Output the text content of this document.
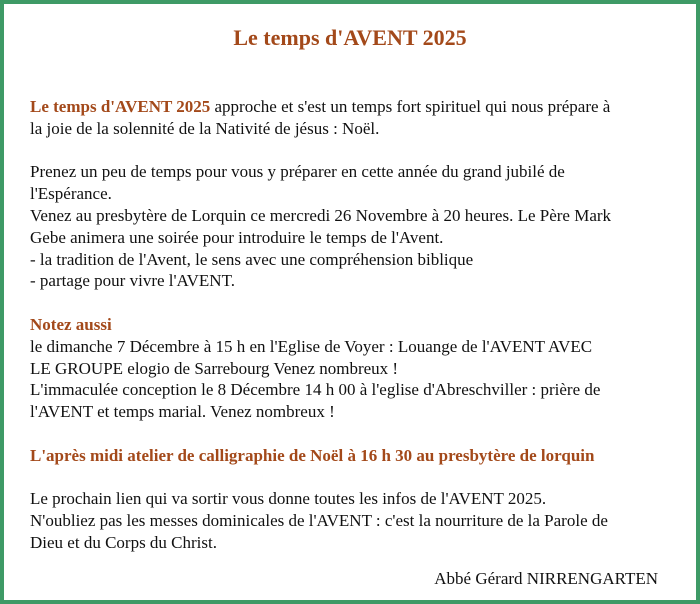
Le temps d'AVENT 2025

Le temps d'AVENT 2025 approche et s'est un temps fort spirituel qui nous prépare à

la joie de la solennité de la Nativité de jésus : Noël.

Prenez un peu de temps pour vous y préparer en cette année du grand jubilé de

l'Espérance.

Venez au presbytère de Lorquin ce mercredi 26 Novembre à 20 heures. Le Père Mark

Gebe animera une soirée pour introduire le temps de l'Avent.

- la tradition de l'Avent, le sens avec une compréhension biblique

- partage pour vivre l'AVENT.

Notez aussi

le dimanche 7 Décembre à 15 h en l'Eglise de Voyer : Louange de l'AVENT AVEC

LE GROUPE elogio de Sarrebourg Venez nombreux !

L'immaculée conception le 8 Décembre 14 h 00 à l'eglise d'Abreschviller : prière de

l'AVENT et temps marial. Venez nombreux !

L'après midi atelier de calligraphie de Noël à 16 h 30 au presbytère de lorquin

Le prochain lien qui va sortir vous donne toutes les infos de l'AVENT 2025.

N'oubliez pas les messes dominicales de l'AVENT : c'est la nourriture de la Parole de

Dieu et du Corps du Christ.

Abbé Gérard NIRRENGARTEN
